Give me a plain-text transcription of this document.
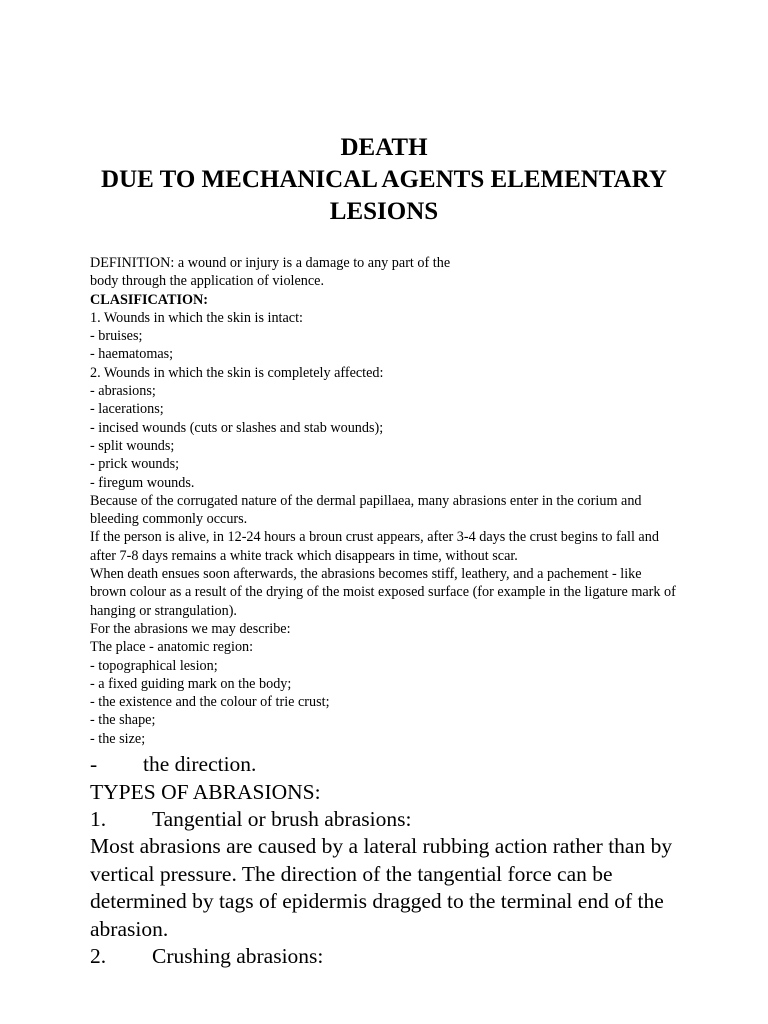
DEATH
DUE TO MECHANICAL AGENTS ELEMENTARY
LESIONS

DEFINITION: a wound or injury is a damage to any part of the

body through the application of violence.

CLASIFICATION:

1. Wounds in which the skin is intact:

- bruises;

- haematomas;

2. Wounds in which the skin is completely affected:

- abrasions;

- lacerations;

- incised wounds (cuts or slashes and stab wounds);

- split wounds;

- prick wounds;

- firegum wounds.

Because of the corrugated nature of the dermal papillaea, many abrasions enter in the corium and bleeding commonly occurs.

If the person is alive, in 12-24 hours a broun crust appears, after 3-4 days the crust begins to fall and after 7-8 days remains a white track which disappears in time, without scar.

When death ensues soon afterwards, the abrasions becomes stiff, leathery, and a pachement - like brown colour as a result of the drying of the moist exposed surface (for example in the ligature mark of hanging or strangulation).

For the abrasions we may describe:

The place - anatomic region:

- topographical lesion;

- a fixed guiding mark on the body;

- the existence and the colour of trie crust;

- the shape;

- the size;

- the direction.
TYPES OF ABRASIONS:
1. Tangential or brush abrasions:
Most abrasions are caused by a lateral rubbing action rather than by vertical pressure. The direction of the tangential force can be determined by tags of epidermis dragged to the terminal end of the abrasion.
2. Crushing abrasions:
